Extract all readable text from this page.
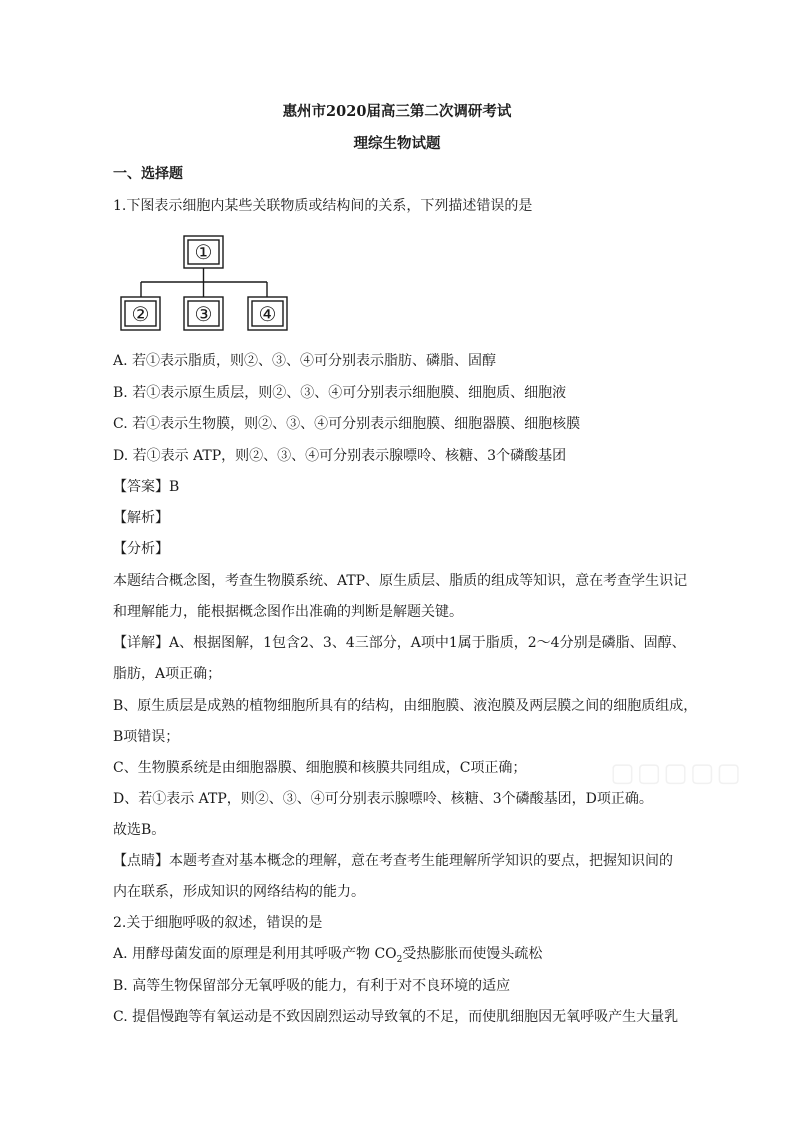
惠州市2020届高三第二次调研考试
理综生物试题
一、选择题
1.下图表示细胞内某些关联物质或结构间的关系，下列描述错误的是
①
② ③ ④
A. 若①表示脂质，则②、③、④可分别表示脂肪、磷脂、固醇
B. 若①表示原生质层，则②、③、④可分别表示细胞膜、细胞质、细胞液
C. 若①表示生物膜，则②、③、④可分别表示细胞膜、细胞器膜、细胞核膜
D. 若①表示 ATP，则②、③、④可分别表示腺嘌呤、核糖、3个磷酸基团
【答案】B
【解析】
【分析】
本题结合概念图，考查生物膜系统、ATP、原生质层、脂质的组成等知识，意在考查学生识记
和理解能力，能根据概念图作出准确的判断是解题关键。
【详解】A、根据图解，1包含2、3、4三部分，A项中1属于脂质，2～4分别是磷脂、固醇、
脂肪，A项正确；
B、原生质层是成熟的植物细胞所具有的结构，由细胞膜、液泡膜及两层膜之间的细胞质组成，
B项错误；
C、生物膜系统是由细胞器膜、细胞膜和核膜共同组成，C项正确；
D、若①表示 ATP，则②、③、④可分别表示腺嘌呤、核糖、3个磷酸基团，D项正确。
故选B。
【点睛】本题考查对基本概念的理解，意在考查考生能理解所学知识的要点，把握知识间的
内在联系，形成知识的网络结构的能力。
2.关于细胞呼吸的叙述，错误的是
A. 用酵母菌发面的原理是利用其呼吸产物 $CO_2$受热膨胀而使馒头疏松
B. 高等生物保留部分无氧呼吸的能力，有利于对不良环境的适应
C. 提倡慢跑等有氧运动是不致因剧烈运动导致氧的不足，而使肌细胞因无氧呼吸产生大量乳
▢▢▢▢▢
